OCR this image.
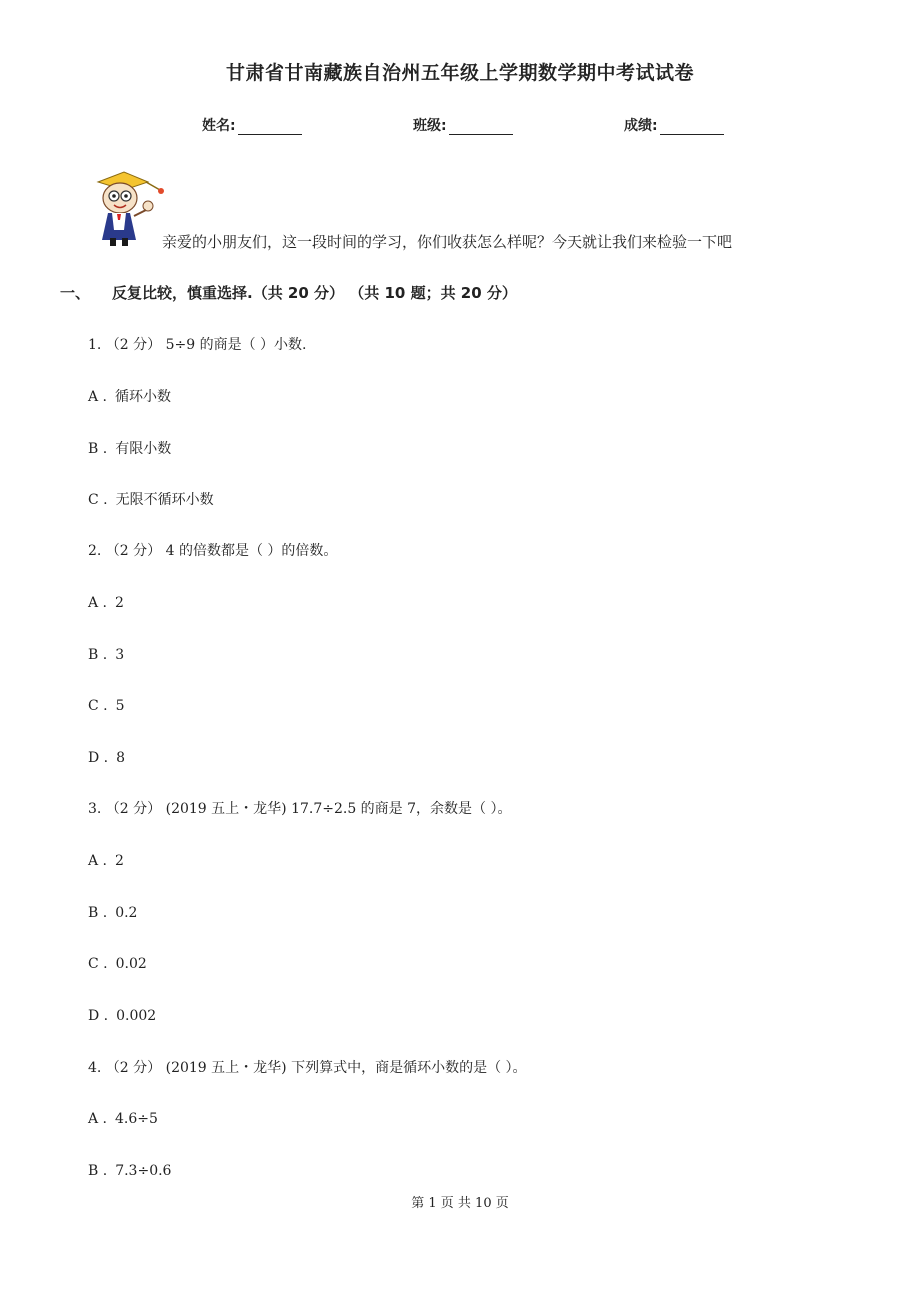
甘肃省甘南藏族自治州五年级上学期数学期中考试试卷
姓名:	班级:	成绩:
亲爱的小朋友们，这一段时间的学习，你们收获怎么样呢？今天就让我们来检验一下吧
一、 反复比较，慎重选择.（共 20 分） （共 10 题；共 20 分）
1. （2 分） 5÷9 的商是（ ）小数.
A . 循环小数
B . 有限小数
C . 无限不循环小数
2. （2 分） 4 的倍数都是（ ）的倍数。
A . 2
B . 3
C . 5
D . 8
3. （2 分） (2019 五上・龙华) 17.7÷2.5 的商是 7，余数是（ ）。
A . 2
B . 0.2
C . 0.02
D . 0.002
4. （2 分） (2019 五上・龙华) 下列算式中，商是循环小数的是（ ）。
A . 4.6÷5
B . 7.3÷0.6
第 1 页 共 10 页
